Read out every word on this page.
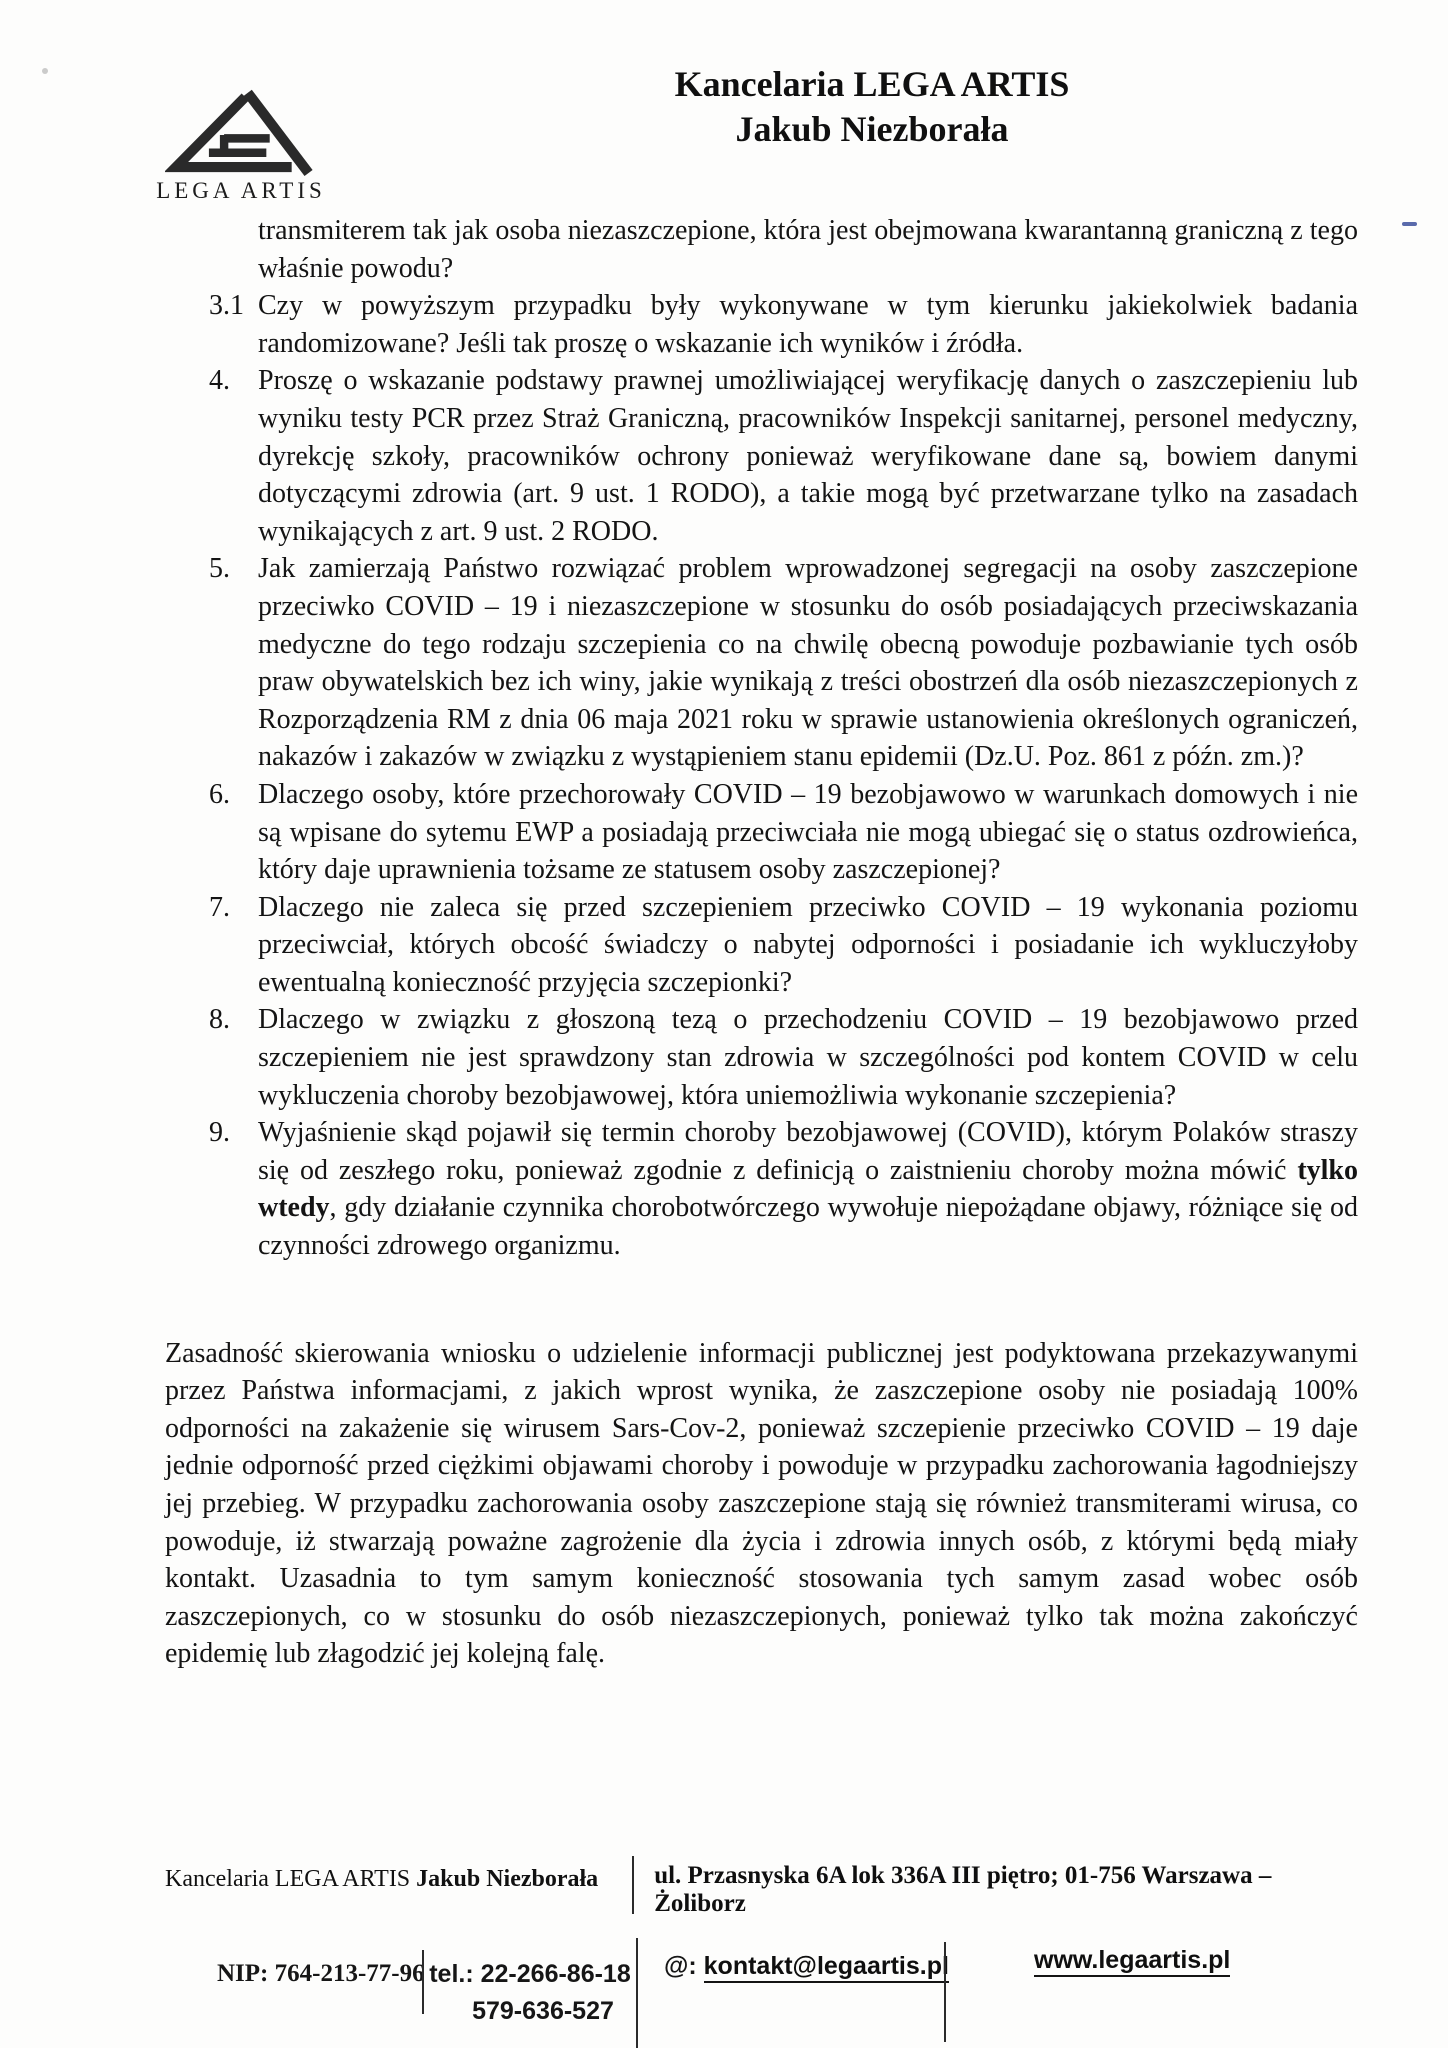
LEGA ARTIS
Kancelaria LEGA ARTIS
Jakub Niezborała

transmiterem tak jak osoba niezaszczepione, która jest obejmowana kwarantanną graniczną z tego właśnie powodu?

3.1 Czy w powyższym przypadku były wykonywane w tym kierunku jakiekolwiek badania randomizowane? Jeśli tak proszę o wskazanie ich wyników i źródła.
4. Proszę o wskazanie podstawy prawnej umożliwiającej weryfikację danych o zaszczepieniu lub wyniku testy PCR przez Straż Graniczną, pracowników Inspekcji sanitarnej, personel medyczny, dyrekcję szkoły, pracowników ochrony ponieważ weryfikowane dane są, bowiem danymi dotyczącymi zdrowia (art. 9 ust. 1 RODO), a takie mogą być przetwarzane tylko na zasadach wynikających z art. 9 ust. 2 RODO.
5. Jak zamierzają Państwo rozwiązać problem wprowadzonej segregacji na osoby zaszczepione przeciwko COVID – 19 i niezaszczepione w stosunku do osób posiadających przeciwskazania medyczne do tego rodzaju szczepienia co na chwilę obecną powoduje pozbawianie tych osób praw obywatelskich bez ich winy, jakie wynikają z treści obostrzeń dla osób niezaszczepionych z Rozporządzenia RM z dnia 06 maja 2021 roku w sprawie ustanowienia określonych ograniczeń, nakazów i zakazów w związku z wystąpieniem stanu epidemii (Dz.U. Poz. 861 z późn. zm.)?
6. Dlaczego osoby, które przechorowały COVID – 19 bezobjawowo w warunkach domowych i nie są wpisane do sytemu EWP a posiadają przeciwciała nie mogą ubiegać się o status ozdrowieńca, który daje uprawnienia tożsame ze statusem osoby zaszczepionej?
7. Dlaczego nie zaleca się przed szczepieniem przeciwko COVID – 19 wykonania poziomu przeciwciał, których obcość świadczy o nabytej odporności i posiadanie ich wykluczyłoby ewentualną konieczność przyjęcia szczepionki?
8. Dlaczego w związku z głoszoną tezą o przechodzeniu COVID – 19 bezobjawowo przed szczepieniem nie jest sprawdzony stan zdrowia w szczególności pod kontem COVID w celu wykluczenia choroby bezobjawowej, która uniemożliwia wykonanie szczepienia?
9. Wyjaśnienie skąd pojawił się termin choroby bezobjawowej (COVID), którym Polaków straszy się od zeszłego roku, ponieważ zgodnie z definicją o zaistnieniu choroby można mówić tylko wtedy, gdy działanie czynnika chorobotwórczego wywołuje niepożądane objawy, różniące się od czynności zdrowego organizmu.

Zasadność skierowania wniosku o udzielenie informacji publicznej jest podyktowana przekazywanymi przez Państwa informacjami, z jakich wprost wynika, że zaszczepione osoby nie posiadają 100% odporności na zakażenie się wirusem Sars-Cov-2, ponieważ szczepienie przeciwko COVID – 19 daje jednie odporność przed ciężkimi objawami choroby i powoduje w przypadku zachorowania łagodniejszy jej przebieg. W przypadku zachorowania osoby zaszczepione stają się również transmiterami wirusa, co powoduje, iż stwarzają poważne zagrożenie dla życia i zdrowia innych osób, z którymi będą miały kontakt. Uzasadnia to tym samym konieczność stosowania tych samym zasad wobec osób zaszczepionych, co w stosunku do osób niezaszczepionych, ponieważ tylko tak można zakończyć epidemię lub złagodzić jej kolejną falę.

Kancelaria LEGA ARTIS Jakub Niezborała	ul. Przasnyska 6A lok 336A III piętro; 01-756 Warszawa – Żoliborz
NIP: 764-213-77-96 tel.: 22-266-86-18
579-636-527
@: kontakt@legaartis.pl	www.legaartis.pl
